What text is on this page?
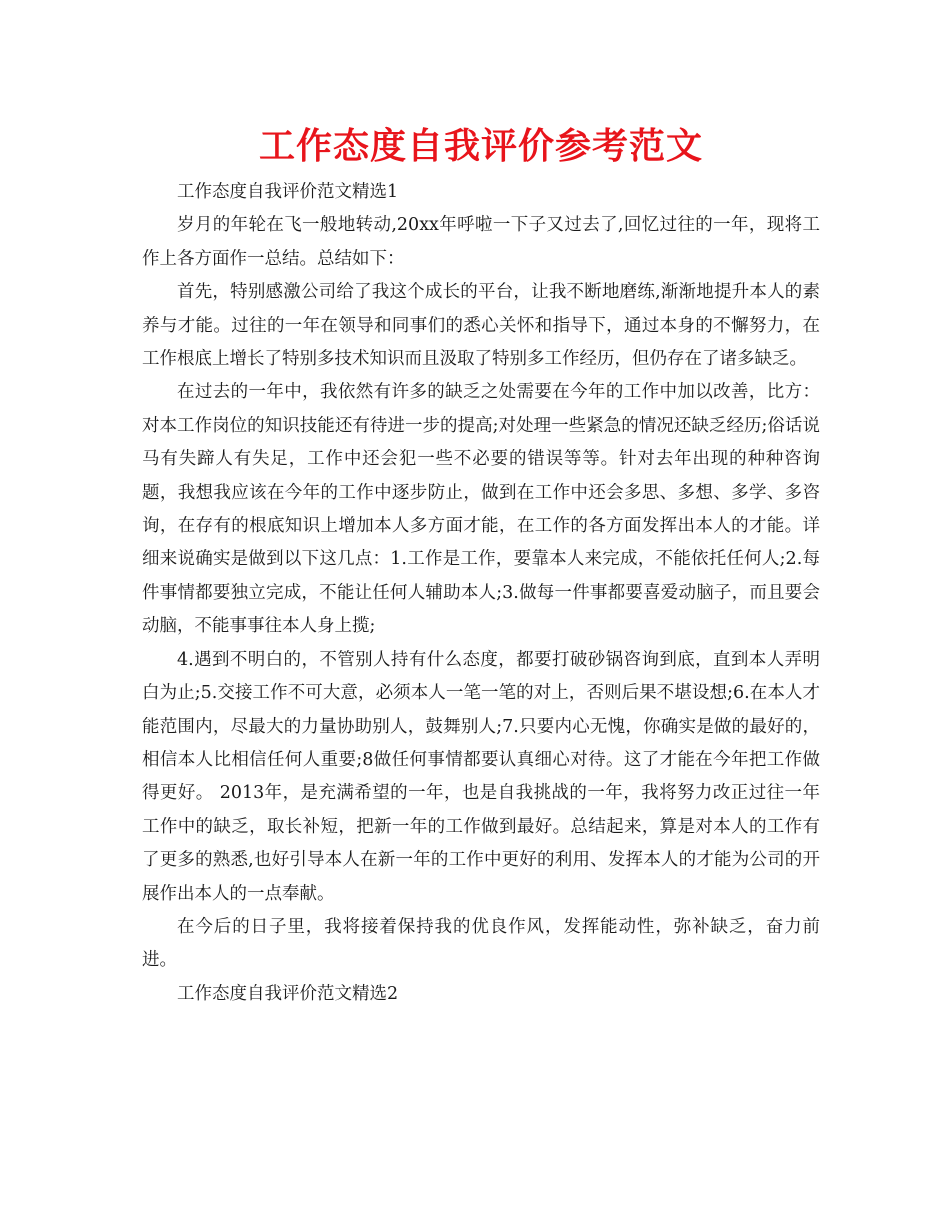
工作态度自我评价参考范文

工作态度自我评价范文精选1

岁月的年轮在飞一般地转动,20xx年呼啦一下子又过去了,回忆过往的一年，现将工作上各方面作一总结。总结如下：

首先，特别感激公司给了我这个成长的平台，让我不断地磨练,渐渐地提升本人的素养与才能。过往的一年在领导和同事们的悉心关怀和指导下，通过本身的不懈努力，在工作根底上增长了特别多技术知识而且汲取了特别多工作经历，但仍存在了诸多缺乏。

在过去的一年中，我依然有许多的缺乏之处需要在今年的工作中加以改善，比方：对本工作岗位的知识技能还有待进一步的提高;对处理一些紧急的情况还缺乏经历;俗话说马有失蹄人有失足，工作中还会犯一些不必要的错误等等。针对去年出现的种种咨询题，我想我应该在今年的工作中逐步防止，做到在工作中还会多思、多想、多学、多咨询，在存有的根底知识上增加本人多方面才能，在工作的各方面发挥出本人的才能。详细来说确实是做到以下这几点：1.工作是工作，要靠本人来完成，不能依托任何人;2.每件事情都要独立完成，不能让任何人辅助本人;3.做每一件事都要喜爱动脑子，而且要会动脑，不能事事往本人身上揽;

4.遇到不明白的，不管别人持有什么态度，都要打破砂锅咨询到底，直到本人弄明白为止;5.交接工作不可大意，必须本人一笔一笔的对上，否则后果不堪设想;6.在本人才能范围内，尽最大的力量协助别人，鼓舞别人;7.只要内心无愧，你确实是做的最好的，相信本人比相信任何人重要;8做任何事情都要认真细心对待。这了才能在今年把工作做得更好。 2013年，是充满希望的一年，也是自我挑战的一年，我将努力改正过往一年工作中的缺乏，取长补短，把新一年的工作做到最好。总结起来，算是对本人的工作有了更多的熟悉,也好引导本人在新一年的工作中更好的利用、发挥本人的才能为公司的开展作出本人的一点奉献。

在今后的日子里，我将接着保持我的优良作风，发挥能动性，弥补缺乏，奋力前进。

工作态度自我评价范文精选2
